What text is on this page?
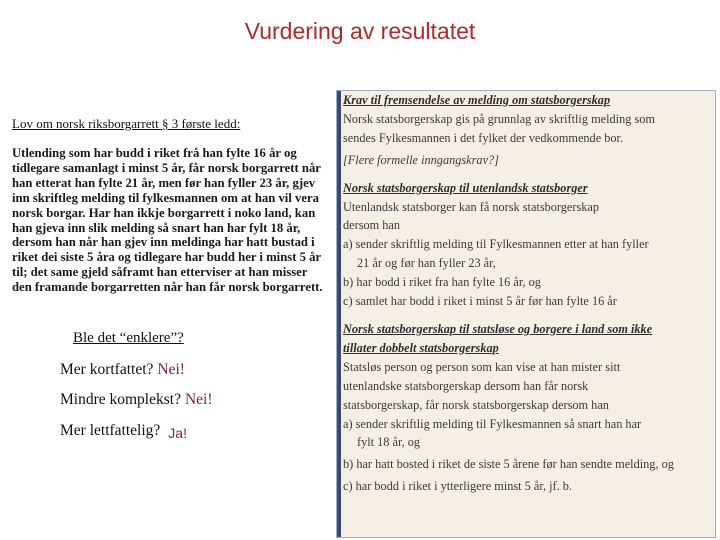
Vurdering av resultatet
Lov om norsk riksborgarrett § 3 første ledd:
Utlending som har budd i riket frå han fylte 16 år og
tidlegare samanlagt i minst 5 år, får norsk borgarrett når
han etterat han fylte 21 år, men før han fyller 23 år, gjev
inn skriftleg melding til fylkesmannen om at han vil vera
norsk borgar. Har han ikkje borgarrett i noko land, kan
han gjeva inn slik melding så snart han har fylt 18 år,
dersom han når han gjev inn meldinga har hatt bustad i
riket dei siste 5 åra og tidlegare har budd her i minst 5 år
til; det same gjeld såframt han etterviser at han misser
den framande borgarretten når han får norsk borgarrett.
Ble det “enklere”?
Mer kortfattet? Nei!
Mindre komplekst? Nei!
Mer lettfattelig? Ja!
Krav til fremsendelse av melding om statsborgerskap
Norsk statsborgerskap gis på grunnlag av skriftlig melding som
sendes Fylkesmannen i det fylket der vedkommende bor.
[Flere formelle inngangskrav?]
Norsk statsborgerskap til utenlandsk statsborger
Utenlandsk statsborger kan få norsk statsborgerskap
dersom han
a) sender skriftlig melding til Fylkesmannen etter at han fyller
21 år og før han fyller 23 år,
b) har bodd i riket fra han fylte 16 år, og
c) samlet har bodd i riket i minst 5 år før han fylte 16 år
Norsk statsborgerskap til statsløse og borgere i land som ikke
tillater dobbelt statsborgerskap
Statsløs person og person som kan vise at han mister sitt
utenlandske statsborgerskap dersom han får norsk
statsborgerskap, får norsk statsborgerskap dersom han
a) sender skriftlig melding til Fylkesmannen så snart han har
fylt 18 år, og
b) har hatt bosted i riket de siste 5 årene før han sendte melding, og
c) har bodd i riket i ytterligere minst 5 år, jf. b.
